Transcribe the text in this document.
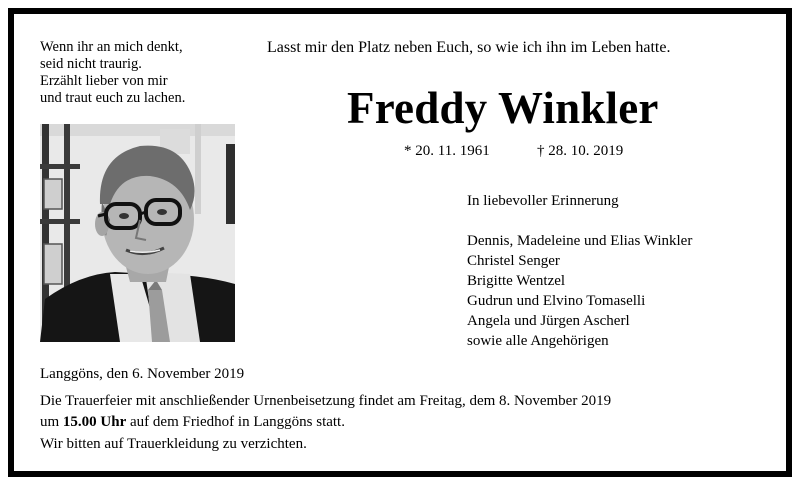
Wenn ihr an mich denkt,
seid nicht traurig.
Erzählt lieber von mir
und traut euch zu lachen.
Lasst mir den Platz neben Euch, so wie ich ihn im Leben hatte.
Freddy Winkler
* 20. 11. 1961	† 28. 10. 2019
In liebevoller Erinnerung
Dennis, Madeleine und Elias Winkler
Christel Senger
Brigitte Wentzel
Gudrun und Elvino Tomaselli
Angela und Jürgen Ascherl
sowie alle Angehörigen
Langgöns, den 6. November 2019
Die Trauerfeier mit anschließender Urnenbeisetzung findet am Freitag, dem 8. November 2019
um 15.00 Uhr auf dem Friedhof in Langgöns statt.
Wir bitten auf Trauerkleidung zu verzichten.
